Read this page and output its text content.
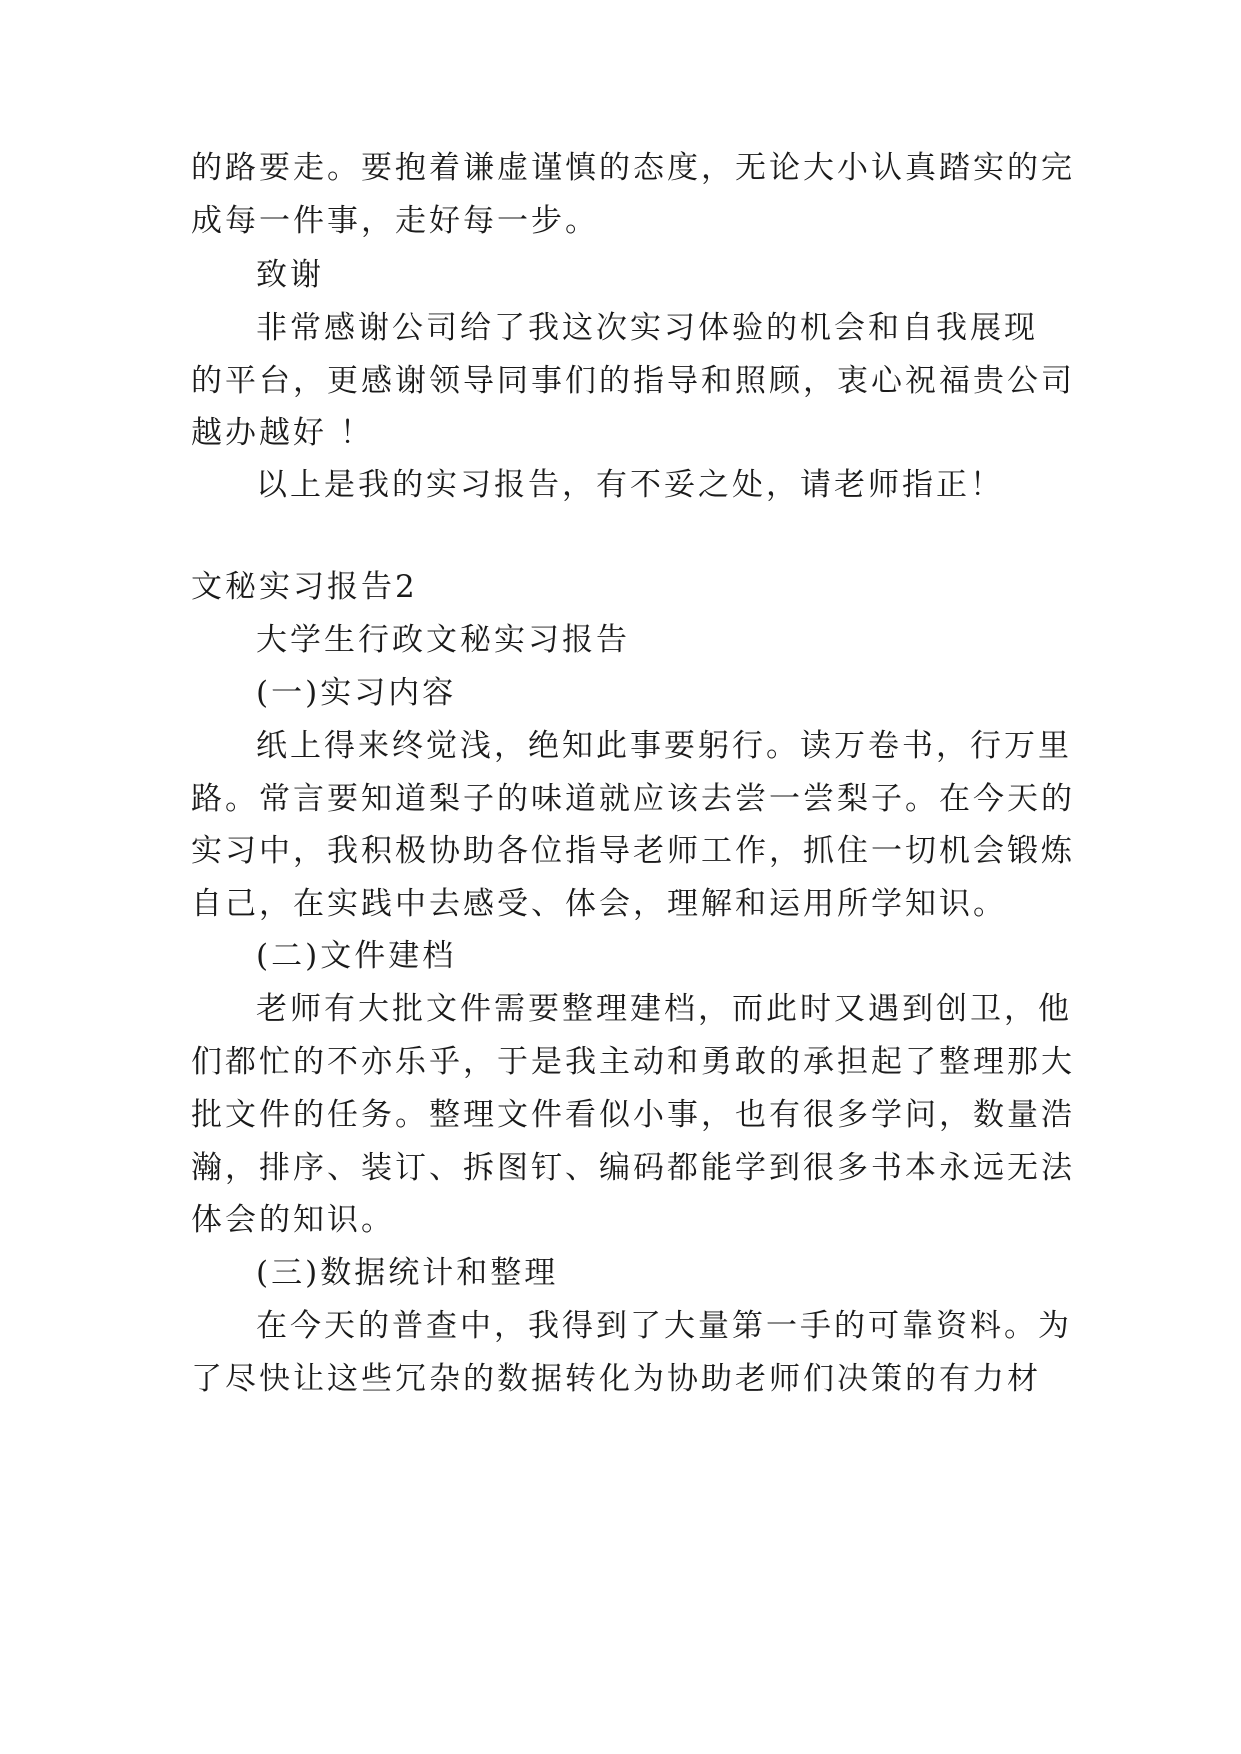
的路要走。要抱着谦虚谨慎的态度，无论大小认真踏实的完
成每一件事，走好每一步。
致谢
非常感谢公司给了我这次实习体验的机会和自我展现
的平台，更感谢领导同事们的指导和照顾，衷心祝福贵公司
越办越好 ！
以上是我的实习报告，有不妥之处，请老师指正！
文秘实习报告2
大学生行政文秘实习报告
(一)实习内容
纸上得来终觉浅，绝知此事要躬行。读万卷书，行万里
路。常言要知道梨子的味道就应该去尝一尝梨子。在今天的
实习中，我积极协助各位指导老师工作，抓住一切机会锻炼
自己，在实践中去感受、体会，理解和运用所学知识。
(二)文件建档
老师有大批文件需要整理建档，而此时又遇到创卫，他
们都忙的不亦乐乎，于是我主动和勇敢的承担起了整理那大
批文件的任务。整理文件看似小事，也有很多学问，数量浩
瀚，排序、装订、拆图钉、编码都能学到很多书本永远无法
体会的知识。
(三)数据统计和整理
在今天的普查中，我得到了大量第一手的可靠资料。为
了尽快让这些冗杂的数据转化为协助老师们决策的有力材
